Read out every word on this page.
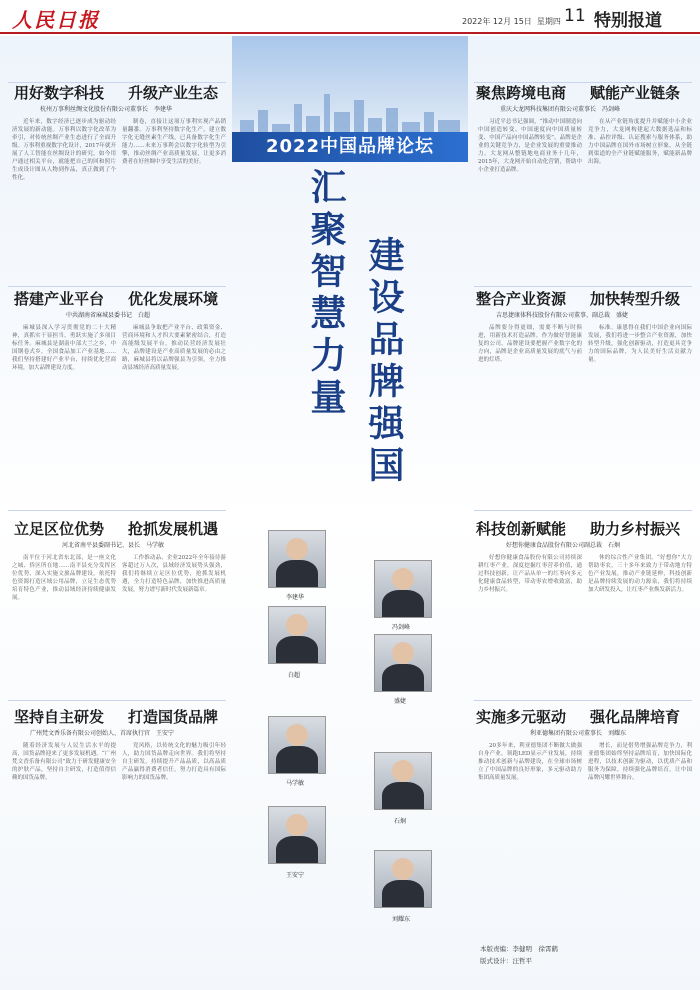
人民日报	2022年 12月 15日 星期四 11 特别报道
2022中国品牌论坛
汇聚智慧力量 建设品牌强国
用好数字科技 升级产业生态
杭州万事利丝绸文化股份有限公司董事长　李建华

近年来，数字经济已逐步成为驱动经济发展的新动能。万事利以数字化改革为牵引，对传统丝绸产业生态进行了全面升级。万事利重视数字化设计，2017年就开展了人工智能在丝绸设计的研究，如今用户通过相关平台，就能把自己的回和照片生成设计图从人物到作品，真正做到了个性化。

制卷，直接让这项万事利实现产品销量翻番。万事利坚持数字化生产，建立数字化无缝丝素生产线，已具备数字化生产能力……未来万事利会以数字化转型为引擎，推动丝绸产业高质量发展，让更多消费者在好丝绸中享受生活的美好。

聚焦跨境电商 赋能产业链条
重庆大龙网科技集团有限公司董事长　冯剑峰

习近平总书记强调，“推动中国制造向中国创造转变、中国速度向中国质量转变、中国产品向中国品牌转变”。品牌是企业的关键竞争力，是企业发展的重要推动力。大龙网从整链地电商业务十几年，2015年，大龙网开始自动化营销，帮助中小企业打造品牌。

在从产业链角度提升并赋能中小企业竞争力，大龙网构建起大数据选品和标准、品控评级、认证搜索与服务体系，助力中国品牌在国外市场树立形象，从全链到渠道的全产业链赋能服务，赋能新品牌出海。

搭建产业平台 优化发展环境
中共湖南省麻城县委书记　白超

麻城县深入学习贯彻党的二十大精神，真抓实干显担当，勇跃实施了多项目标任务。麻城县是湖南中部大兰之乡，中国钢卷式乡，全国食品加工产业基地……我们坚持搭建好产业平台，持续优化营商环境，加大品牌建设力度。

麻城县争取把产业平台、政策资金、营商环境和人才四大要素紧密结合，打造高能级发展平台，推动民营经济发展壮大，品牌建设是产业高质量发展的必由之路，麻城县将以品牌强县为引领，全力推动县域经济高质量发展。

整合产业资源 加快转型升级
吉思捷康体科技股份有限公司董事、副总裁　盛婕

品牌要分得更细，需要不断与时俱进，用新技术打造品牌。作为做好智能康复的公司，品牌建设要把握产业数字化的方向，品牌是企业高质量发展的底气与前进的灯塔。

标准。康恩得在我们中国企业向国际发展，我们将进一步整合产业资源，加快转型升级，强化创新驱动，打造更具竞争力的国际品牌，为人民美好生活贡献力量。

立足区位优势 抢抓发展机遇
河北省南平县委副书记、县长　马学敏

南平位于河北省东北部，是一座文化之城、侨区所在地……南平县充分发挥区位优势，深入实施文旅品牌建设，依托特色资源打造区域公用品牌，立足生态优势培育特色产业，推动县域经济持续健康发展。

工作推动品、企业2022年全年接待游客超过万人次，县域经济发展势头强劲，我们将继续立足区位优势，抢抓发展机遇，全力打造特色品牌，加快推进高质量发展，努力谱写新时代发展新篇章。

科技创新赋能 助力乡村振兴
好想你健康食品股份有限公司副总裁　石炯

好想你健康食品股份有限公司持续深耕红枣产业，深度挖掘红枣营养价值，通过科技创新，让产品从单一的红枣向多元化健康食品转型，带动枣农增收致富，助力乡村振兴。

休的综合性产业集团。“好想你”大力帮助枣农，三十多年来致力于带动地方特色产业发展，推动产业链延伸，科技创新是品牌持续发展的动力源泉，我们将持续加大研发投入，让红枣产业焕发新活力。

坚持自主研发 打造国货品牌
广州梵文香乐备有限公司创始人、首席执行官　王安宁

随着经济发展与人民生活水平的提高，国货品牌迎来了更多发展机遇。“广州梵文香乐备有限公司”致力于研发健康安全的护肤产品，坚持自主研发，打造值得信赖的国货品牌。

党风格，以传统文化的魅力吸引年轻人，助力国货品牌走向世界。我们将坚持自主研发，持续提升产品品质，以高品质产品赢得消费者信任，努力打造具有国际影响力的国货品牌。

实施多元驱动 强化品牌培育
利亚德集团有限公司董事长　刘耀东

20多年来，利亚德集团不断做大做强自身产业，领跑LED显示产业发展，持续推动技术创新与品牌建设，在全球市场树立了中国品牌的良好形象，多元驱动助力集团高质量发展。

增长，而是借势增强品牌竞争力，利亚德集团始终坚持品牌培育，加快国际化进程，以技术创新为驱动，以优质产品和服务为保障，持续强化品牌培育，让中国品牌闪耀世界舞台。

李建华
冯剑峰
白超
盛婕
马学敏
石炯
王安宁
刘耀东
本版责编：李健明　徐霄鹤
版式设计：汪哲平
